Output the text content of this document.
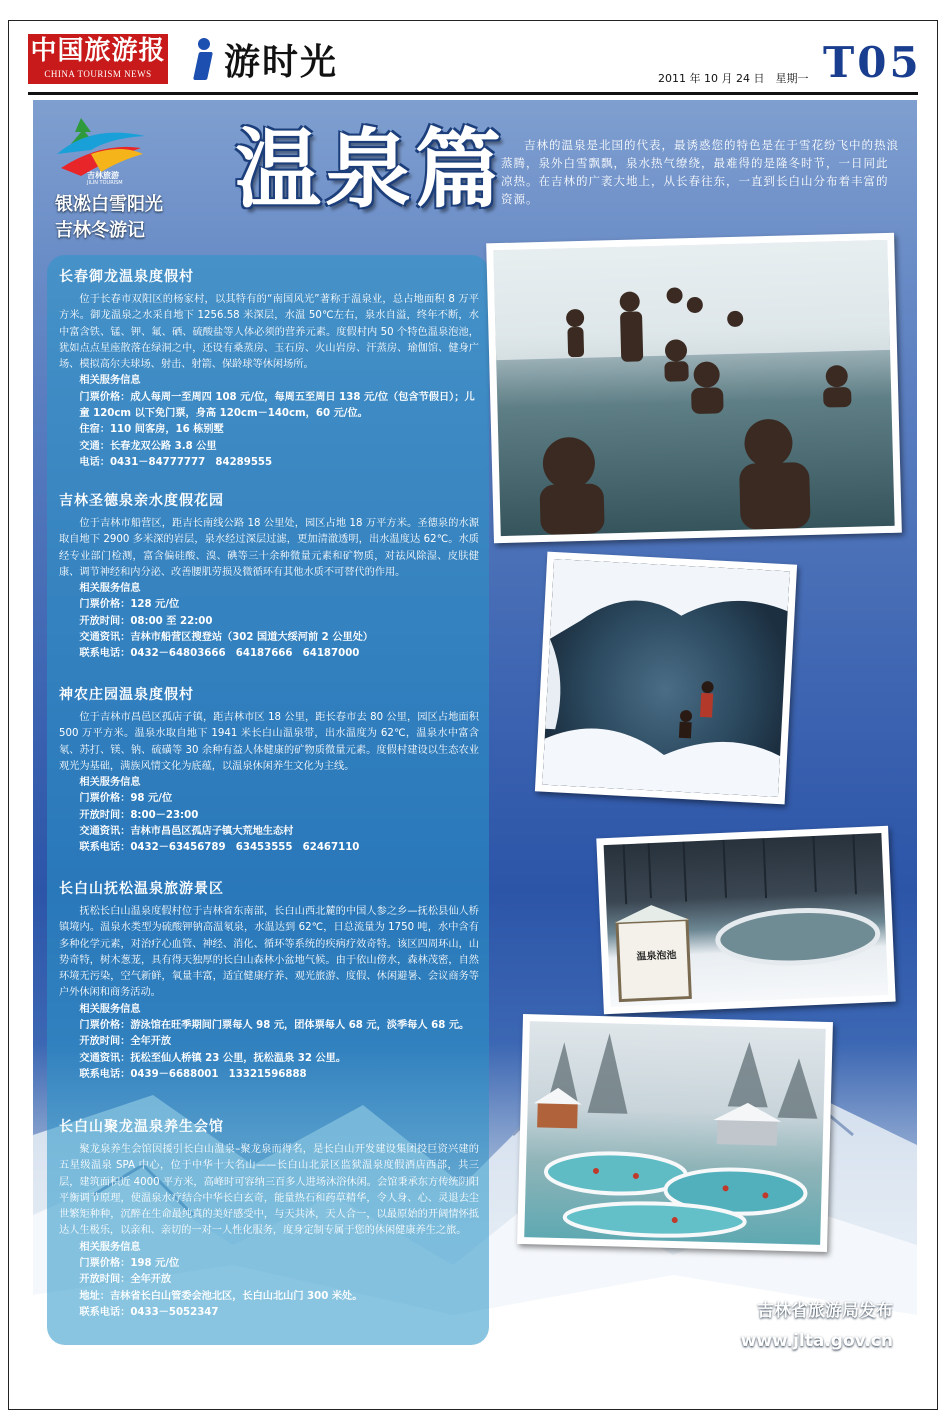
中国旅游报
CHINA TOURISM NEWS	游时光	2011 年 10 月 24 日　星期一 T05
吉林旅游
JILIN TOURISM
银凇白雪阳光
吉林冬游记
温泉篇	吉林的温泉是北国的代表，最诱惑您的特色是在于雪花纷飞中的热浪蒸腾，泉外白雪飘飘，泉水热气缭绕，最难得的是隆冬时节，一日同此凉热。在吉林的广袤大地上，从长春往东，一直到长白山分布着丰富的资源。
长春御龙温泉度假村

位于长春市双阳区的杨家村，以其特有的“南国风光”著称于温泉业，总占地面积 8 万平方米。御龙温泉之水采自地下 1256.58 米深层，水温 50℃左右，泉水自溢，终年不断，水中富含铁、锰、钾、氟、硒、硫酸盐等人体必须的营养元素。度假村内 50 个特色温泉泡池，犹如点点星座散落在绿洞之中，还设有桑蒸房、玉石房、火山岩房、汗蒸房、瑜伽馆、健身广场、模拟高尔夫球场、射击、射箭、保龄球等休闲场所。

相关服务信息

门票价格：成人每周一至周四 108 元/位，每周五至周日 138 元/位（包含节假日）；儿童 120cm 以下免门票，身高 120cm－140cm，60 元/位。

住宿：110 间客房，16 栋别墅

交通：长春龙双公路 3.8 公里

电话：0431－84777777　84289555

吉林圣德泉亲水度假花园

位于吉林市船营区，距吉长南线公路 18 公里处，园区占地 18 万平方米。圣德泉的水源取自地下 2900 多米深的岩层，泉水经过深层过滤，更加清澈透明，出水温度达 62℃。水质经专业部门检测，富含偏硅酸、溴、碘等三十余种微量元素和矿物质，对祛风除湿、皮肤健康、调节神经和内分泌、改善腰肌劳损及微循环有其他水质不可替代的作用。

相关服务信息

门票价格：128 元/位

开放时间：08:00 至 22:00

交通资讯：吉林市船营区搜登站（302 国道大绥河前 2 公里处）

联系电话：0432－64803666　64187666　64187000

神农庄园温泉度假村

位于吉林市昌邑区孤店子镇，距吉林市区 18 公里，距长春市去 80 公里，园区占地面积 500 万平方米。温泉水取自地下 1941 米长白山温泉带，出水温度为 62℃，温泉水中富含氡、苏打、镁、钠、硫磺等 30 余种有益人体健康的矿物质微量元素。度假村建设以生态农业观光为基础，满族风情文化为底蕴，以温泉休闲养生文化为主线。

相关服务信息

门票价格：98 元/位

开放时间：8:00－23:00

交通资讯：吉林市昌邑区孤店子镇大荒地生态村

联系电话：0432－63456789　63453555　62467110

长白山抚松温泉旅游景区

抚松长白山温泉度假村位于吉林省东南部，长白山西北麓的中国人参之乡—抚松县仙人桥镇境内。温泉水类型为硫酸钾钠高温氡泉，水温达到 62℃，日总流量为 1750 吨，水中含有多种化学元素，对治疗心血管、神经、消化、循环等系统的疾病疗效奇特。该区四周环山，山势奇特，树木葱茏，具有得天独厚的长白山森林小盆地气候。由于依山傍水，森林茂密，自然环境无污染，空气新鲜，氧量丰富，适宜健康疗养、观光旅游、度假、休闲避暑、会议商务等户外休闲和商务活动。

相关服务信息

门票价格：游泳馆在旺季期间门票每人 98 元，团体票每人 68 元，淡季每人 68 元。

开放时间：全年开放

交通资讯：抚松至仙人桥镇 23 公里，抚松温泉 32 公里。

联系电话：0439－6688001　13321596888

长白山聚龙温泉养生会馆

聚龙泉养生会馆因援引长白山温泉–聚龙泉而得名，是长白山开发建设集团投巨资兴建的五星级温泉 SPA 中心，位于中华十大名山——长白山北景区监狱温泉度假酒店西部，共三层，建筑面积近 4000 平方米，高峰时可容纳三百多人进场沐浴休闲。会馆秉承东方传统阴阳平衡调节原理，使温泉水疗结合中华长白玄奇，能量热石和药草精华，令人身、心、灵退去尘世繁矩种种，沉醉在生命最纯真的美好感受中，与天共沐，天人合一，以最原始的开阔情怀抵达人生极乐，以亲和、亲切的一对一人性化服务，度身定制专属于您的休闲健康养生之旅。

相关服务信息

门票价格：198 元/位

开放时间：全年开放

地址：吉林省长白山管委会池北区，长白山北山门 300 米处。

联系电话：0433－5052347

温泉泡池
吉林省旅游局发布
www.jlta.gov.cn
